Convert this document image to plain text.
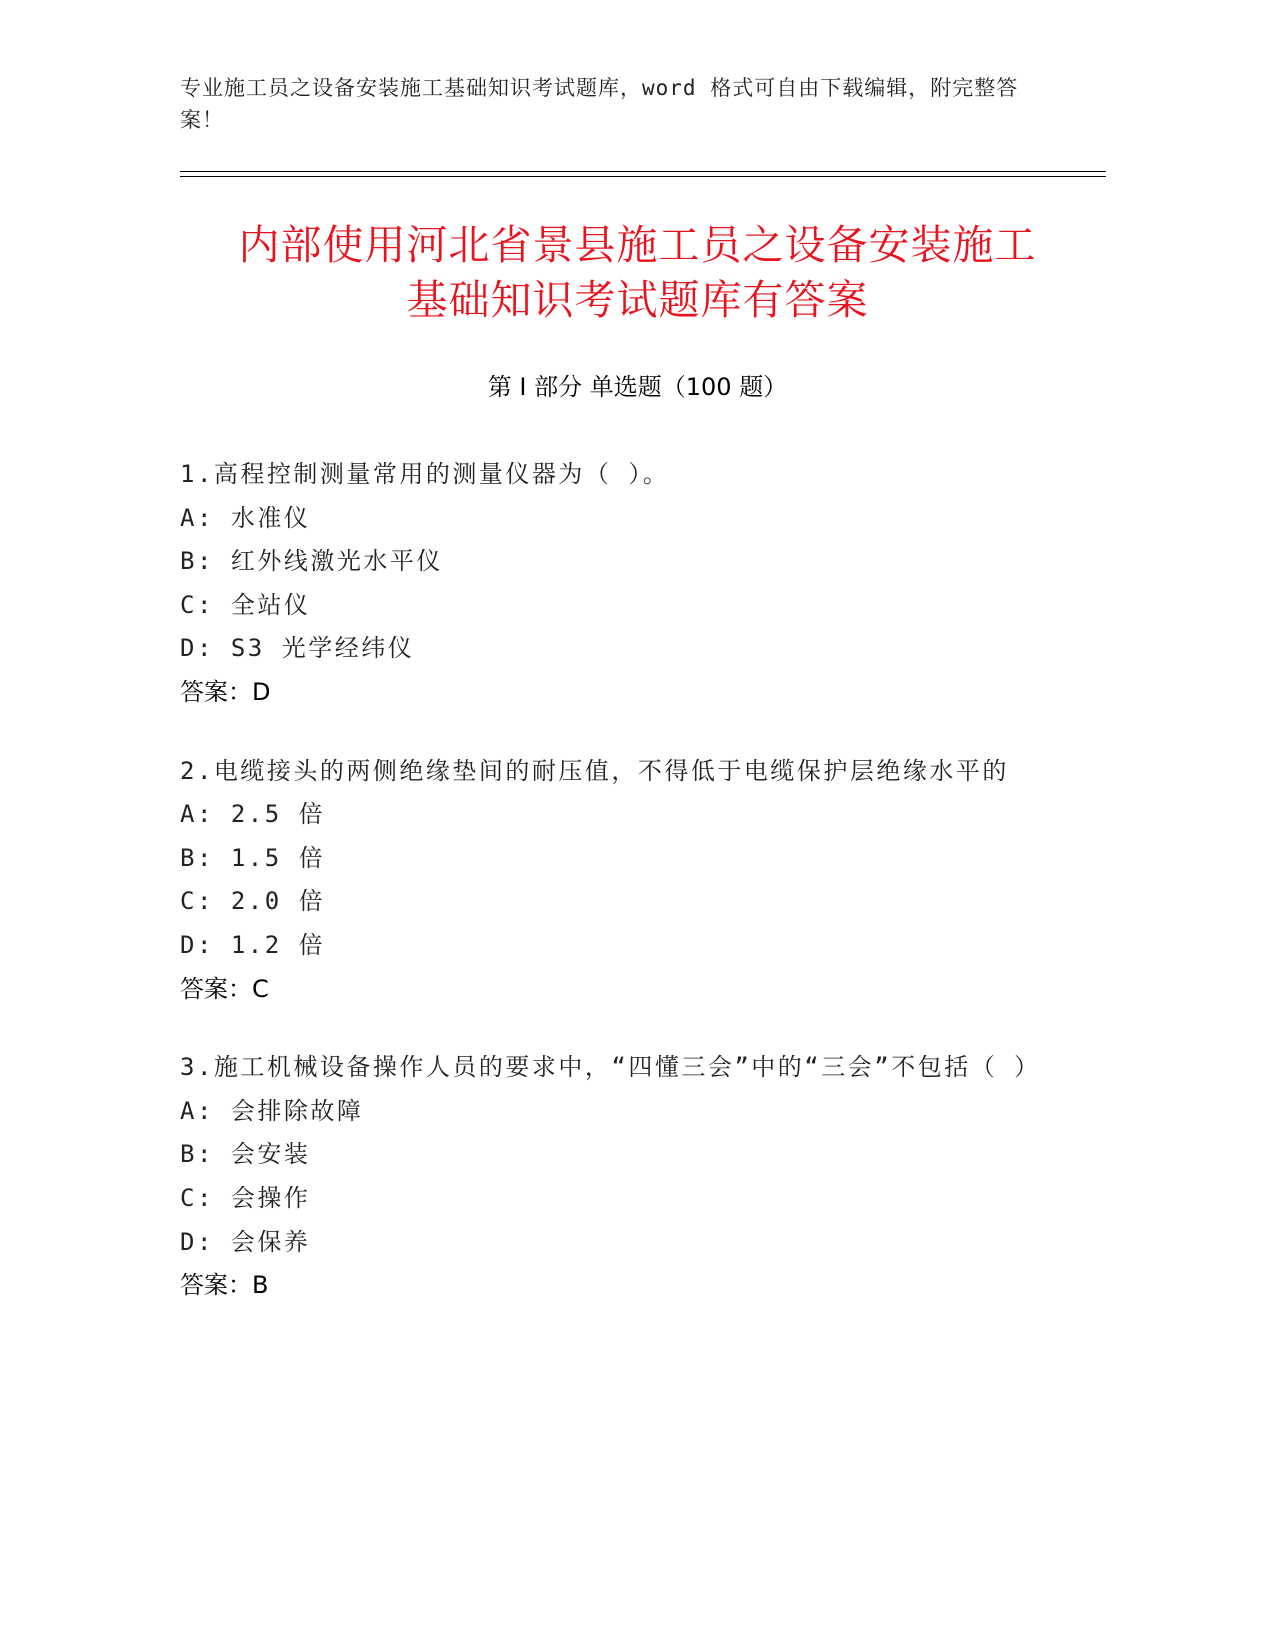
专业施工员之设备安装施工基础知识考试题库，word 格式可自由下载编辑，附完整答案！
内部使用河北省景县施工员之设备安装施工
基础知识考试题库有答案
第 I 部分 单选题（100 题）

1.高程控制测量常用的测量仪器为（ ）。

A: 水准仪

B: 红外线激光水平仪

C: 全站仪

D: S3 光学经纬仪

答案：D

2.电缆接头的两侧绝缘垫间的耐压值，不得低于电缆保护层绝缘水平的

A: 2.5 倍

B: 1.5 倍

C: 2.0 倍

D: 1.2 倍

答案：C

3.施工机械设备操作人员的要求中，“四懂三会”中的“三会”不包括（ ）

A: 会排除故障

B: 会安装

C: 会操作

D: 会保养

答案：B
